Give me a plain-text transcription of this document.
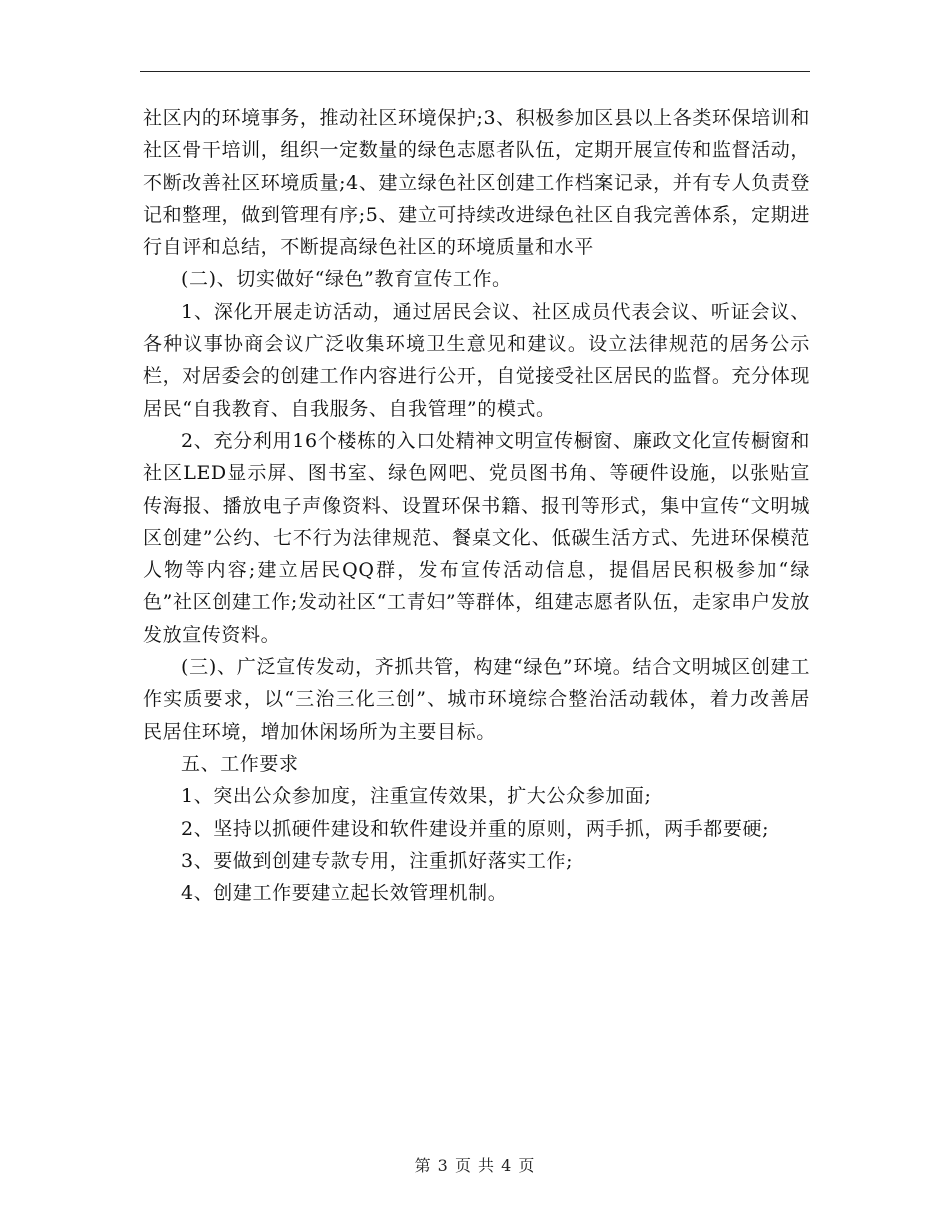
社区内的环境事务，推动社区环境保护;3、积极参加区县以上各类环保培训和社区骨干培训，组织一定数量的绿色志愿者队伍，定期开展宣传和监督活动，不断改善社区环境质量;4、建立绿色社区创建工作档案记录，并有专人负责登记和整理，做到管理有序;5、建立可持续改进绿色社区自我完善体系，定期进行自评和总结，不断提高绿色社区的环境质量和水平

(二)、切实做好“绿色”教育宣传工作。

1、深化开展走访活动，通过居民会议、社区成员代表会议、听证会议、各种议事协商会议广泛收集环境卫生意见和建议。设立法律规范的居务公示栏，对居委会的创建工作内容进行公开，自觉接受社区居民的监督。充分体现居民“自我教育、自我服务、自我管理”的模式。

2、充分利用16个楼栋的入口处精神文明宣传橱窗、廉政文化宣传橱窗和社区LED显示屏、图书室、绿色网吧、党员图书角、等硬件设施，以张贴宣传海报、播放电子声像资料、设置环保书籍、报刊等形式，集中宣传“文明城区创建”公约、七不行为法律规范、餐桌文化、低碳生活方式、先进环保模范人物等内容;建立居民QQ群，发布宣传活动信息，提倡居民积极参加“绿色”社区创建工作;发动社区“工青妇”等群体，组建志愿者队伍，走家串户发放发放宣传资料。

(三)、广泛宣传发动，齐抓共管，构建“绿色”环境。结合文明城区创建工作实质要求，以“三治三化三创”、城市环境综合整治活动载体，着力改善居民居住环境，增加休闲场所为主要目标。

五、工作要求

1、突出公众参加度，注重宣传效果，扩大公众参加面;

2、坚持以抓硬件建设和软件建设并重的原则，两手抓，两手都要硬;

3、要做到创建专款专用，注重抓好落实工作;

4、创建工作要建立起长效管理机制。

第 3 页 共 4 页
